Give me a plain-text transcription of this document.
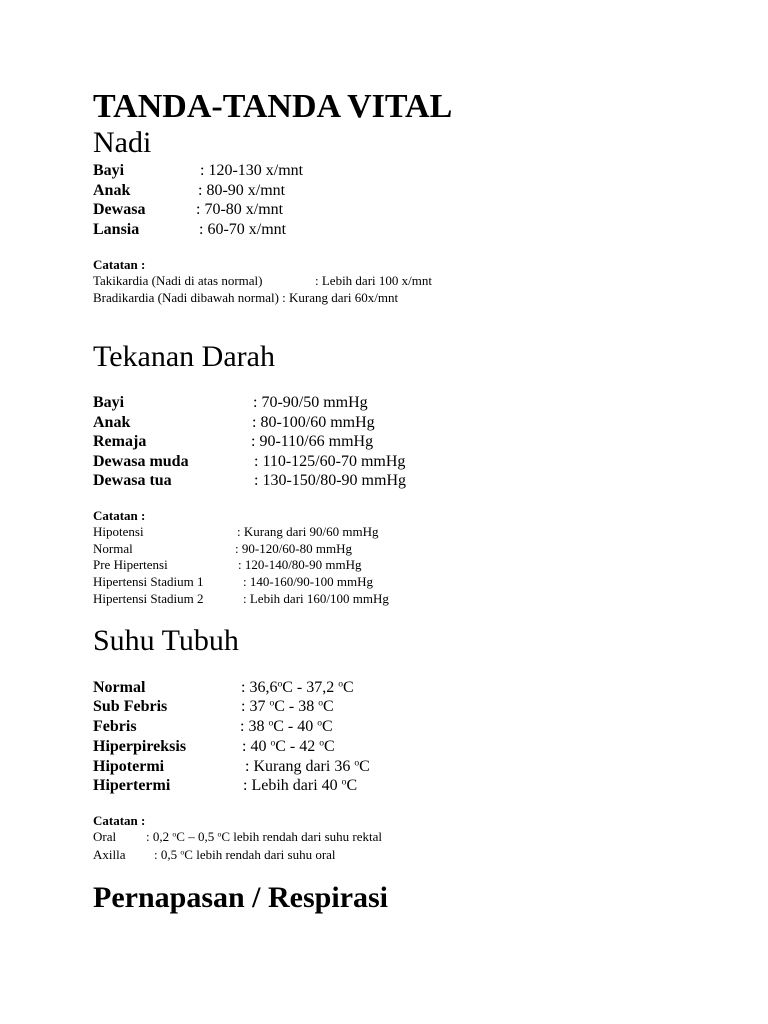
TANDA-TANDA VITAL
Nadi
Bayi	: 120-130 x/mnt
Anak	: 80-90 x/mnt
Dewasa	: 70-80 x/mnt
Lansia	: 60-70 x/mnt
Catatan :
Takikardia (Nadi di atas normal)	: Lebih dari 100 x/mnt
Bradikardia (Nadi dibawah normal) : Kurang dari 60x/mnt
Tekanan Darah
Bayi	: 70-90/50 mmHg
Anak	: 80-100/60 mmHg
Remaja	: 90-110/66 mmHg
Dewasa muda	: 110-125/60-70 mmHg
Dewasa tua	: 130-150/80-90 mmHg
Catatan :
Hipotensi	: Kurang dari 90/60 mmHg
Normal	: 90-120/60-80 mmHg
Pre Hipertensi	: 120-140/80-90 mmHg
Hipertensi Stadium 1	: 140-160/90-100 mmHg
Hipertensi Stadium 2	: Lebih dari 160/100 mmHg
Suhu Tubuh
Normal	: 36,6$^o$C - 37,2 $^o$C
Sub Febris	: 37 $^o$C - 38 $^o$C
Febris	: 38 $^o$C - 40 $^o$C
Hiperpireksis	: 40 $^o$C - 42 $^o$C
Hipotermi	: Kurang dari 36 $^o$C
Hipertermi	: Lebih dari 40 $^o$C
Catatan :
Oral : 0,2 $^o$C – 0,5 $^o$C lebih rendah dari suhu rektal
Axilla : 0,5 $^o$C lebih rendah dari suhu oral
Pernapasan / Respirasi
